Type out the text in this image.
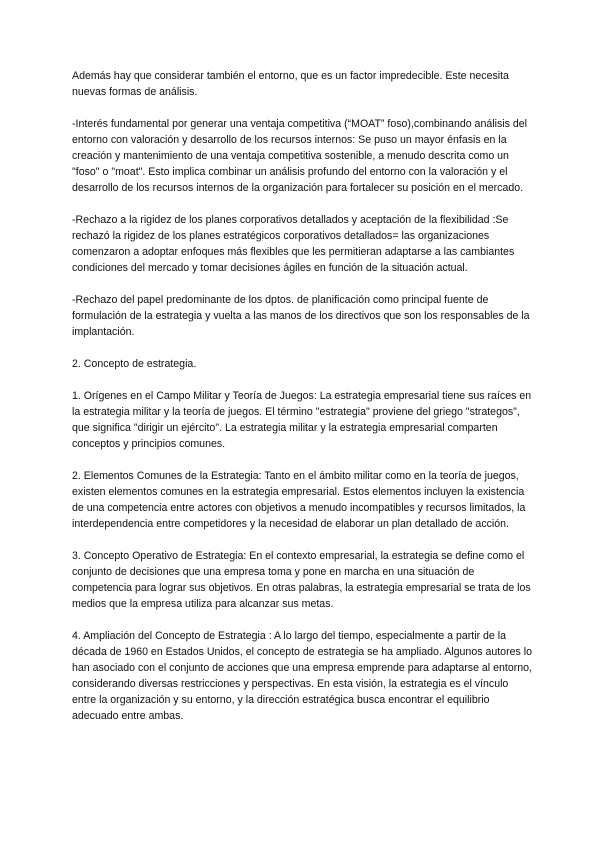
Además hay que considerar también el entorno, que es un factor impredecible. Este necesita nuevas formas de análisis.

-Interés fundamental por generar una ventaja competitiva (“MOAT” foso),combinando análisis del entorno con valoración y desarrollo de los recursos internos: Se puso un mayor énfasis en la creación y mantenimiento de una ventaja competitiva sostenible, a menudo descrita como un "foso" o "moat". Esto implica combinar un análisis profundo del entorno con la valoración y el desarrollo de los recursos internos de la organización para fortalecer su posición en el mercado.

-Rechazo a la rigidez de los planes corporativos detallados y aceptación de la flexibilidad :Se rechazó la rigidez de los planes estratégicos corporativos detallados= las organizaciones comenzaron a adoptar enfoques más flexibles que les permitieran adaptarse a las cambiantes condiciones del mercado y tomar decisiones ágiles en función de la situación actual.

-Rechazo del papel predominante de los dptos. de planificación como principal fuente de formulación de la estrategia y vuelta a las manos de los directivos que son los responsables de la implantación.

2. Concepto de estrategia.

1. Orígenes en el Campo Militar y Teoría de Juegos: La estrategia empresarial tiene sus raíces en la estrategia militar y la teoría de juegos. El término "estrategia" proviene del griego "strategos", que significa "dirigir un ejército". La estrategia militar y la estrategia empresarial comparten conceptos y principios comunes.

2. Elementos Comunes de la Estrategia: Tanto en el ámbito militar como en la teoría de juegos, existen elementos comunes en la estrategia empresarial. Estos elementos incluyen la existencia de una competencia entre actores con objetivos a menudo incompatibles y recursos limitados, la interdependencia entre competidores y la necesidad de elaborar un plan detallado de acción.

3. Concepto Operativo de Estrategia: En el contexto empresarial, la estrategia se define como el conjunto de decisiones que una empresa toma y pone en marcha en una situación de competencia para lograr sus objetivos. En otras palabras, la estrategia empresarial se trata de los medios que la empresa utiliza para alcanzar sus metas.

4. Ampliación del Concepto de Estrategia : A lo largo del tiempo, especialmente a partir de la década de 1960 en Estados Unidos, el concepto de estrategia se ha ampliado. Algunos autores lo han asociado con el conjunto de acciones que una empresa emprende para adaptarse al entorno, considerando diversas restricciones y perspectivas. En esta visión, la estrategia es el vínculo entre la organización y su entorno, y la dirección estratégica busca encontrar el equilibrio adecuado entre ambas.
